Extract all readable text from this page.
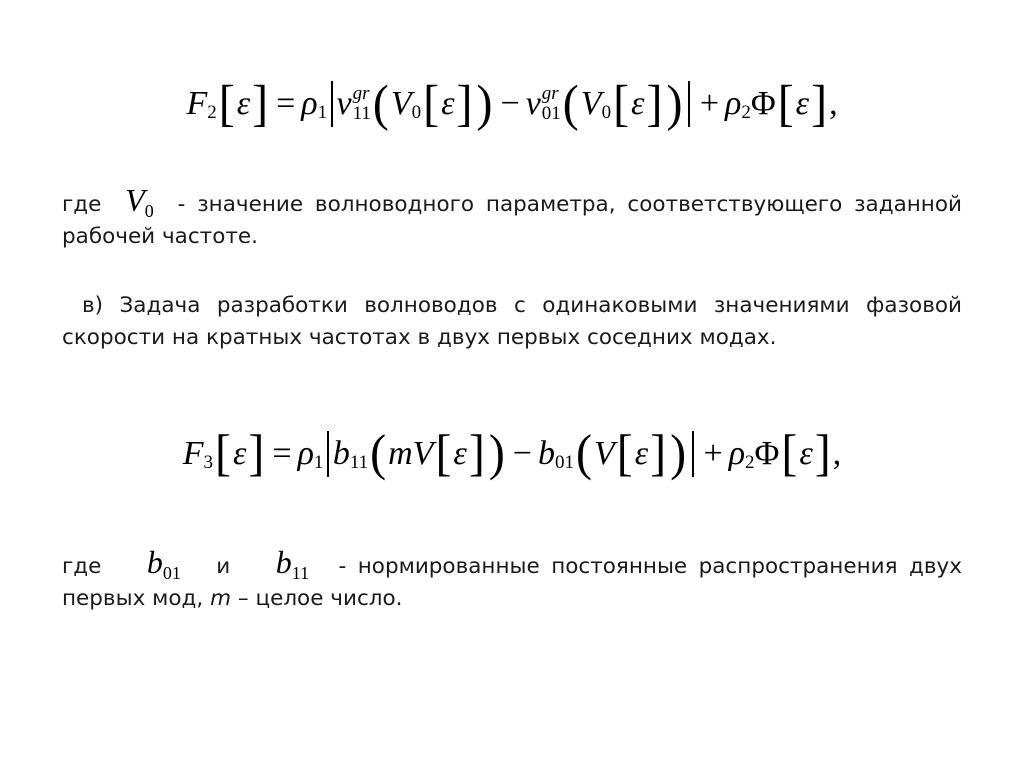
F 2 [ ε ] = ρ 1 v gr
11 ( V 0 [ ε ] ) − v gr
01 ( V 0 [ ε ] ) + ρ 2 Φ [ ε ] ,
где V0 - значение волноводного параметра, соответствующего заданной рабочей частоте.
в) Задача разработки волноводов с одинаковыми значениями фазовой скорости на кратных частотах в двух первых соседних модах.
F 3 [ ε ] = ρ 1 b 11 ( m V [ ε ] ) − b 01 ( V [ ε ] ) + ρ 2 Φ [ ε ] ,
где b01 и b11 - нормированные постоянные распространения двух первых мод, m – целое число.
